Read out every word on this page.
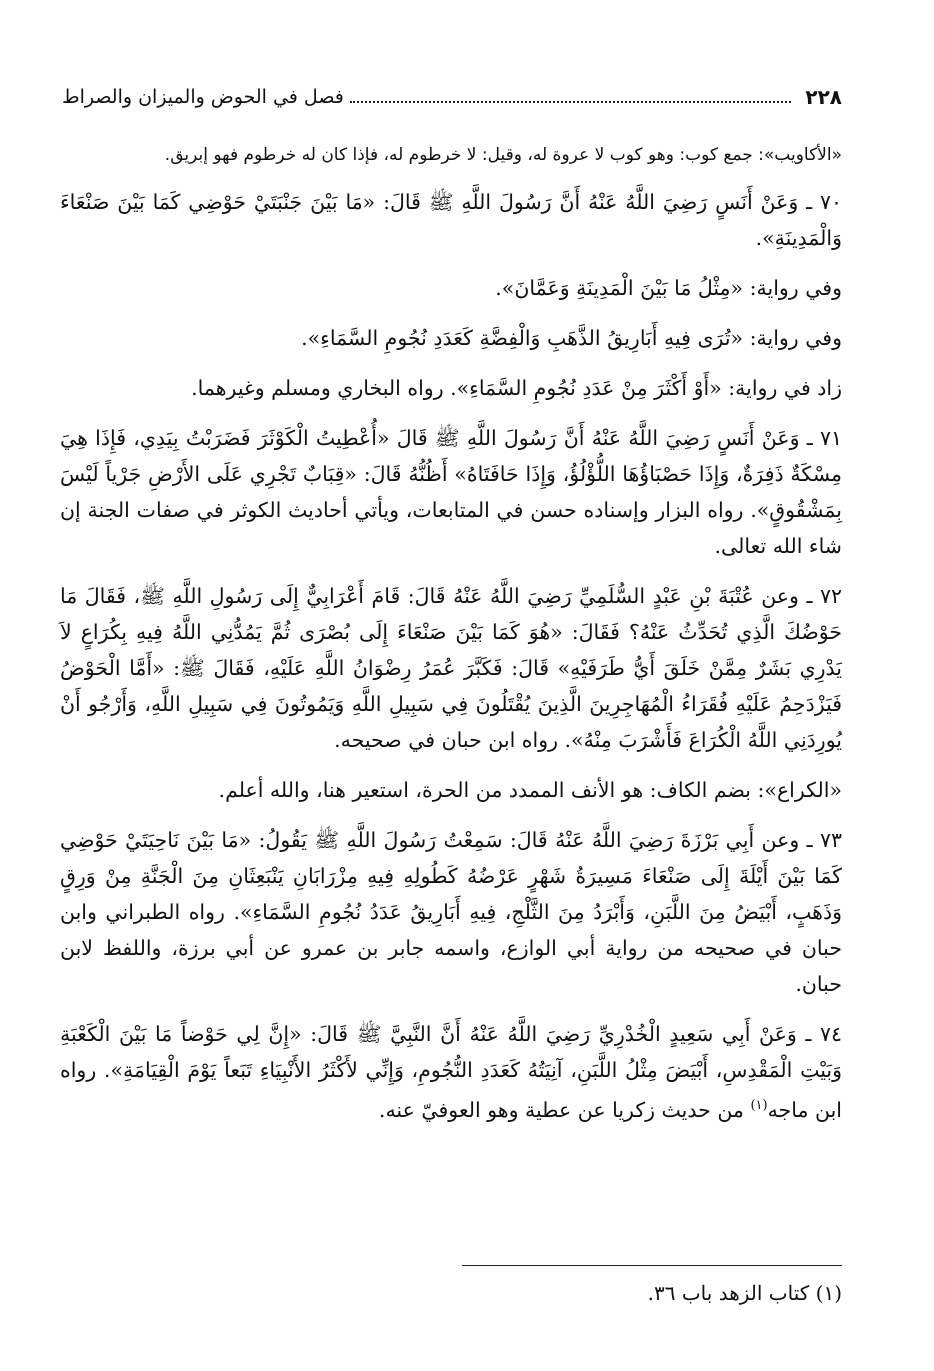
٢٢٨
فصل في الحوض والميزان والصراط

«الأكاويب»: جمع كوب: وهو كوب لا عروة له، وقيل: لا خرطوم له، فإذا كان له خرطوم فهو إبريق.

٧٠ ـ وَعَنْ أَنَسٍ رَضِيَ اللَّهُ عَنْهُ أَنَّ رَسُولَ اللَّهِ ﷺ قَالَ: «مَا بَيْنَ جَنْبَتَيْ حَوْضِي كَمَا بَيْنَ صَنْعَاءَ وَالْمَدِينَةِ».

وفي رواية: «مِثْلُ مَا بَيْنَ الْمَدِينَةِ وَعَمَّانَ».

وفي رواية: «تُرَى فِيهِ أَبَارِيقُ الذَّهَبِ وَالْفِضَّةِ كَعَدَدِ نُجُومِ السَّمَاءِ».

زاد في رواية: «أَوْ أَكْثَرَ مِنْ عَدَدِ نُجُومِ السَّمَاءِ». رواه البخاري ومسلم وغيرهما.

٧١ ـ وَعَنْ أَنَسٍ رَضِيَ اللَّهُ عَنْهُ أَنَّ رَسُولَ اللَّهِ ﷺ قَالَ «أُعْطِيتُ الْكَوْثَرَ فَضَرَبْتُ بِيَدِي، فَإِذَا هِيَ مِسْكَةٌ ذَفِرَةٌ، وَإِذَا حَصْبَاؤُهَا اللُّؤْلُؤُ، وَإِذَا حَافَتَاهُ» أَظُنُّهُ قَالَ: «قِبَابٌ تَجْرِي عَلَى الأَرْضِ جَرْياً لَيْسَ بِمَشْقُوقٍ». رواه البزار وإسناده حسن في المتابعات، ويأتي أحاديث الكوثر في صفات الجنة إن شاء الله تعالى.

٧٢ ـ وعن عُتْبَةَ بْنِ عَبْدٍ السُّلَمِيِّ رَضِيَ اللَّهُ عَنْهُ قَالَ: قَامَ أَعْرَابِيٌّ إِلَى رَسُولِ اللَّهِ ﷺ، فَقَالَ مَا حَوْضُكَ الَّذِي تُحَدِّثُ عَنْهُ؟ فَقَالَ: «هُوَ كَمَا بَيْنَ صَنْعَاءَ إِلَى بُصْرَى ثُمَّ يَمُدُّنِي اللَّهُ فِيهِ بِكُرَاعٍ لاَ يَدْرِي بَشَرٌ مِمَّنْ خَلَقَ أَيُّ طَرَفَيْهِ» قَالَ: فَكَبَّرَ عُمَرُ رِضْوَانُ اللَّهِ عَلَيْهِ، فَقَالَ ﷺ: «أَمَّا الْحَوْضُ فَيَزْدَحِمُ عَلَيْهِ فُقَرَاءُ الْمُهَاجِرِينَ الَّذِينَ يُقْتَلُونَ فِي سَبِيلِ اللَّهِ وَيَمُوتُونَ فِي سَبِيلِ اللَّهِ، وَأَرْجُو أَنْ يُورِدَنِي اللَّهُ الْكُرَاعَ فَأَشْرَبَ مِنْهُ». رواه ابن حبان في صحيحه.

«الكراع»: بضم الكاف: هو الأنف الممدد من الحرة، استعير هنا، والله أعلم.

٧٣ ـ وعن أَبِي بَرْزَةَ رَضِيَ اللَّهُ عَنْهُ قَالَ: سَمِعْتُ رَسُولَ اللَّهِ ﷺ يَقُولُ: «مَا بَيْنَ نَاحِيَتَيْ حَوْضِي كَمَا بَيْنَ أَيْلَةَ إِلَى صَنْعَاءَ مَسِيرَةُ شَهْرٍ عَرْضُهُ كَطُولِهِ فِيهِ مِزْرَابَانِ يَنْبَعِثَانِ مِنَ الْجَنَّةِ مِنْ وَرِقٍ وَذَهَبٍ، أَبْيَضُ مِنَ اللَّبَنِ، وَأَبْرَدُ مِنَ الثَّلْجِ، فِيهِ أَبَارِيقُ عَدَدُ نُجُومِ السَّمَاءِ». رواه الطبراني وابن حبان في صحيحه من رواية أبي الوازع، واسمه جابر بن عمرو عن أبي برزة، واللفظ لابن حبان.

٧٤ ـ وَعَنْ أَبِي سَعِيدٍ الْخُدْرِيِّ رَضِيَ اللَّهُ عَنْهُ أَنَّ النَّبِيَّ ﷺ قَالَ: «إِنَّ لِي حَوْضاً مَا بَيْنَ الْكَعْبَةِ وَبَيْتِ الْمَقْدِسِ، أَبْيَضَ مِثْلُ اللَّبَنِ، آنِيَتُهُ كَعَدَدِ النُّجُومِ، وَإِنِّي لأَكْثَرُ الأَنْبِيَاءِ تَبَعاً يَوْمَ الْقِيَامَةِ». رواه ابن ماجه$^{(١)}$ من حديث زكريا عن عطية وهو العوفيّ عنه.

(١) كتاب الزهد باب ٣٦.
